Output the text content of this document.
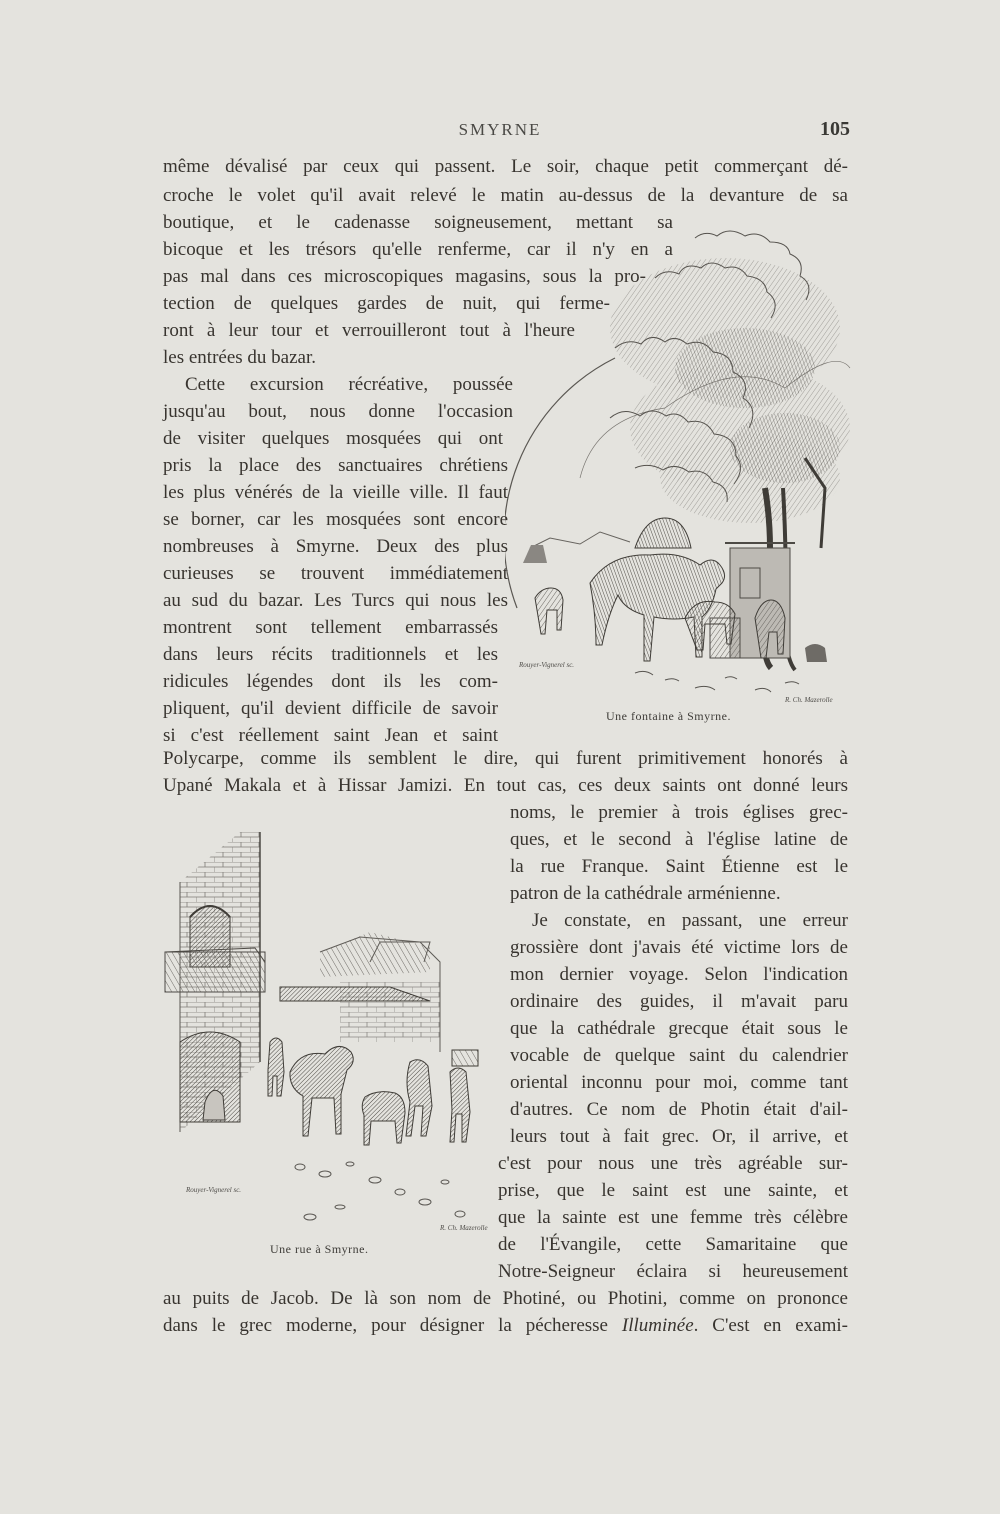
SMYRNE	105
même dévalisé par ceux qui passent. Le soir, chaque petit commerçant dé-
croche le volet qu'il avait relevé le matin au-dessus de la devanture de sa
boutique, et le cadenasse soigneusement, mettant sa
bicoque et les trésors qu'elle renferme, car il n'y en a
pas mal dans ces microscopiques magasins, sous la pro-
tection de quelques gardes de nuit, qui ferme-
ront à leur tour et verrouilleront tout à l'heure
les entrées du bazar.
Cette excursion récréative, poussée
jusqu'au bout, nous donne l'occasion
de visiter quelques mosquées qui ont
pris la place des sanctuaires chrétiens
les plus vénérés de la vieille ville. Il faut
se borner, car les mosquées sont encore
nombreuses à Smyrne. Deux des plus
curieuses se trouvent immédiatement
au sud du bazar. Les Turcs qui nous les
montrent sont tellement embarrassés
dans leurs récits traditionnels et les
ridicules légendes dont ils les com-
pliquent, qu'il devient difficile de savoir
si c'est réellement saint Jean et saint
Polycarpe, comme ils semblent le dire, qui furent primitivement honorés à
Upané Makala et à Hissar Jamizi. En tout cas, ces deux saints ont donné leurs
noms, le premier à trois églises grec-
ques, et le second à l'église latine de
la rue Franque. Saint Étienne est le
patron de la cathédrale arménienne.
Je constate, en passant, une erreur
grossière dont j'avais été victime lors de
mon dernier voyage. Selon l'indication
ordinaire des guides, il m'avait paru
que la cathédrale grecque était sous le
vocable de quelque saint du calendrier
oriental inconnu pour moi, comme tant
d'autres. Ce nom de Photin était d'ail-
leurs tout à fait grec. Or, il arrive, et
c'est pour nous une très agréable sur-
prise, que le saint est une sainte, et
que la sainte est une femme très célèbre
de l'Évangile, cette Samaritaine que
Notre-Seigneur éclaira si heureusement
au puits de Jacob. De là son nom de Photiné, ou Photini, comme on prononce
dans le grec moderne, pour désigner la pécheresse Illuminée. C'est en exami-
Rouyer-Vignerel sc.
R. Ch. Mazerolle
Une fontaine à Smyrne.
Rouyer-Vignerel sc.
R. Ch. Mazerolle
Une rue à Smyrne.
